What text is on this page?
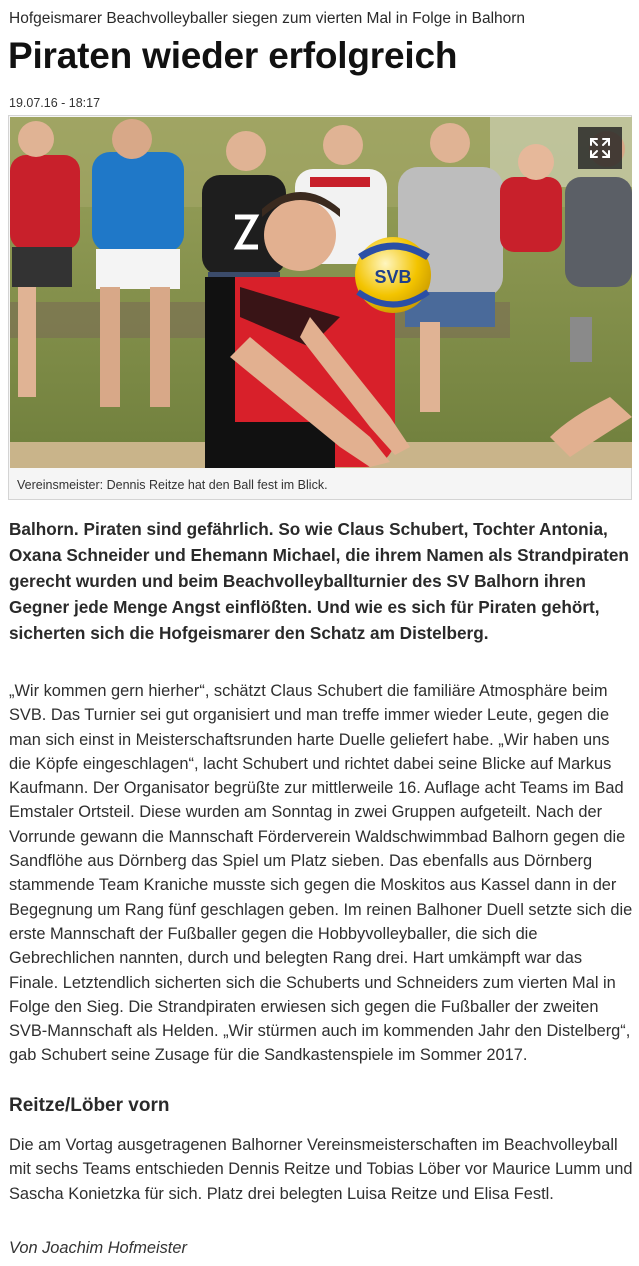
Hofgeismarer Beachvolleyballer siegen zum vierten Mal in Folge in Balhorn
Piraten wieder erfolgreich
19.07.16 - 18:17
SVB
Vereinsmeister: Dennis Reitze hat den Ball fest im Blick.

Balhorn. Piraten sind gefährlich. So wie Claus Schubert, Tochter Antonia, Oxana Schneider und Ehemann Michael, die ihrem Namen als Strandpiraten gerecht wurden und beim Beachvolleyballturnier des SV Balhorn ihren Gegner jede Menge Angst einflößten. Und wie es sich für Piraten gehört, sicherten sich die Hofgeismarer den Schatz am Distelberg.

„Wir kommen gern hierher“, schätzt Claus Schubert die familiäre Atmosphäre beim SVB. Das Turnier sei gut organisiert und man treffe immer wieder Leute, gegen die man sich einst in Meisterschaftsrunden harte Duelle geliefert habe. „Wir haben uns die Köpfe eingeschlagen“, lacht Schubert und richtet dabei seine Blicke auf Markus Kaufmann. Der Organisator begrüßte zur mittlerweile 16. Auflage acht Teams im Bad Emstaler Ortsteil. Diese wurden am Sonntag in zwei Gruppen aufgeteilt. Nach der Vorrunde gewann die Mannschaft Förderverein Waldschwimmbad Balhorn gegen die Sandflöhe aus Dörnberg das Spiel um Platz sieben. Das ebenfalls aus Dörnberg stammende Team Kraniche musste sich gegen die Moskitos aus Kassel dann in der Begegnung um Rang fünf geschlagen geben. Im reinen Balhoner Duell setzte sich die erste Mannschaft der Fußballer gegen die Hobbyvolleyballer, die sich die Gebrechlichen nannten, durch und belegten Rang drei. Hart umkämpft war das Finale. Letztendlich sicherten sich die Schuberts und Schneiders zum vierten Mal in Folge den Sieg. Die Strandpiraten erwiesen sich gegen die Fußballer der zweiten SVB-Mannschaft als Helden. „Wir stürmen auch im kommenden Jahr den Distelberg“, gab Schubert seine Zusage für die Sandkastenspiele im Sommer 2017.

Reitze/Löber vorn

Die am Vortag ausgetragenen Balhorner Vereinsmeisterschaften im Beachvolleyball mit sechs Teams entschieden Dennis Reitze und Tobias Löber vor Maurice Lumm und Sascha Konietzka für sich. Platz drei belegten Luisa Reitze und Elisa Festl.

Von Joachim Hofmeister
